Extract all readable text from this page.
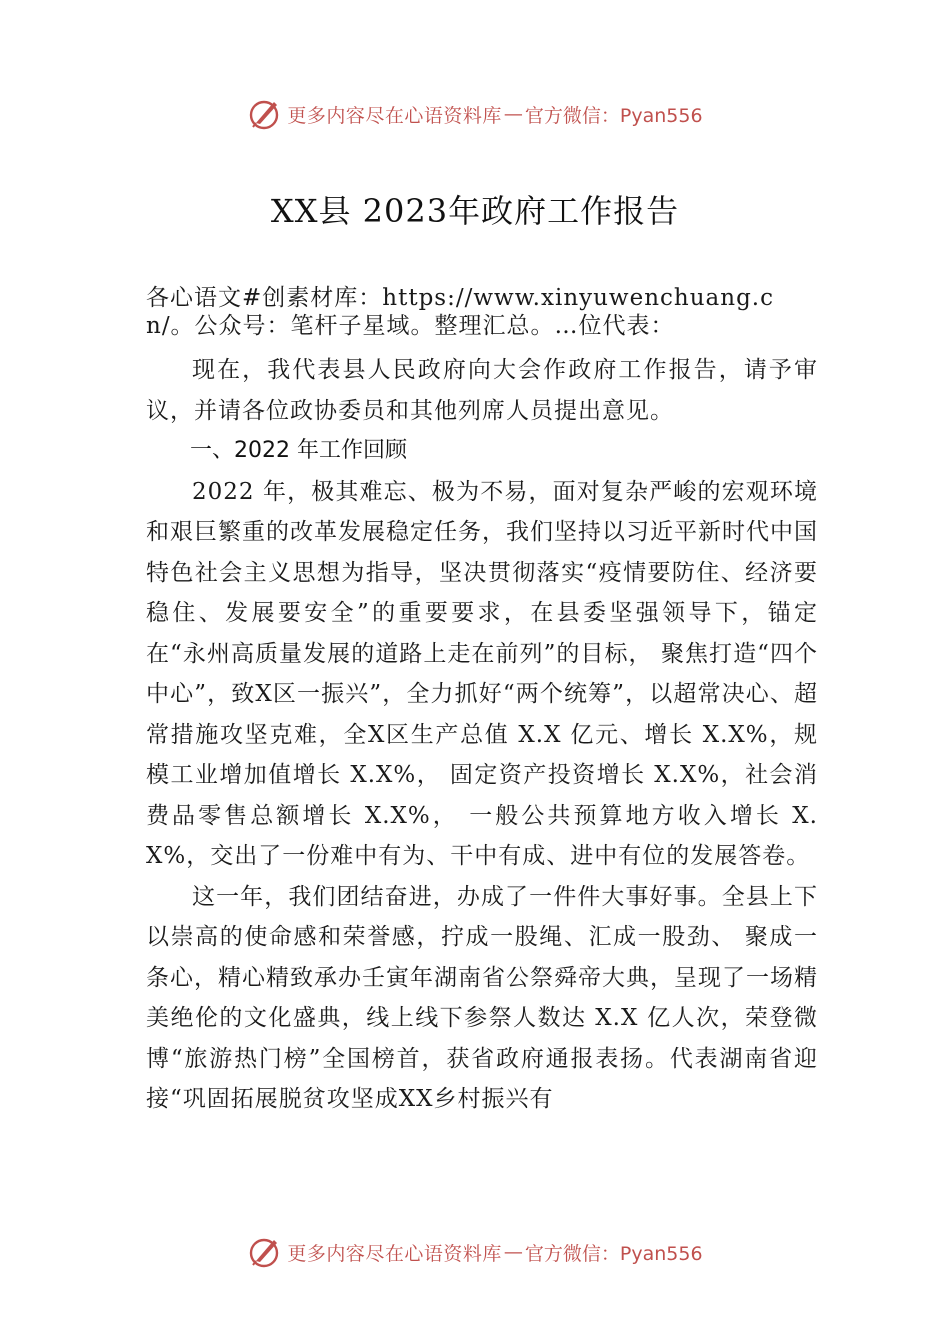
更多内容尽在心语资料库 — 官方微信：Pyan556
XX县 2023年政府工作报告

各心语文#创素材库：https://www.xinyuwenchuang.cn/。公众号：笔杆子星域。整理汇总。…位代表：

现在，我代表县人民政府向大会作政府工作报告，请予审议，并请各位政协委员和其他列席人员提出意见。

一、2022 年工作回顾

2022 年，极其难忘、极为不易，面对复杂严峻的宏观环境和艰巨繁重的改革发展稳定任务，我们坚持以习近平新时代中国特色社会主义思想为指导，坚决贯彻落实“疫情要防住、经济要稳住、发展要安全”的重要要求，在县委坚强领导下，锚定在“永州高质量发展的道路上走在前列”的目标， 聚焦打造“四个中心”，致X区一振兴”，全力抓好“两个统筹”，以超常决心、超常措施攻坚克难，全X区生产总值 X.X 亿元、增长 X.X%，规模工业增加值增长 X.X%， 固定资产投资增长 X.X%，社会消费品零售总额增长 X.X%， 一般公共预算地方收入增长 X.X%，交出了一份难中有为、干中有成、进中有位的发展答卷。

这一年，我们团结奋进，办成了一件件大事好事。全县上下以崇高的使命感和荣誉感，拧成一股绳、汇成一股劲、 聚成一条心，精心精致承办壬寅年湖南省公祭舜帝大典，呈现了一场精美绝伦的文化盛典，线上线下参祭人数达 X.X 亿人次，荣登微博“旅游热门榜”全国榜首，获省政府通报表扬。代表湖南省迎接“巩固拓展脱贫攻坚成XX乡村振兴有

更多内容尽在心语资料库 — 官方微信：Pyan556
